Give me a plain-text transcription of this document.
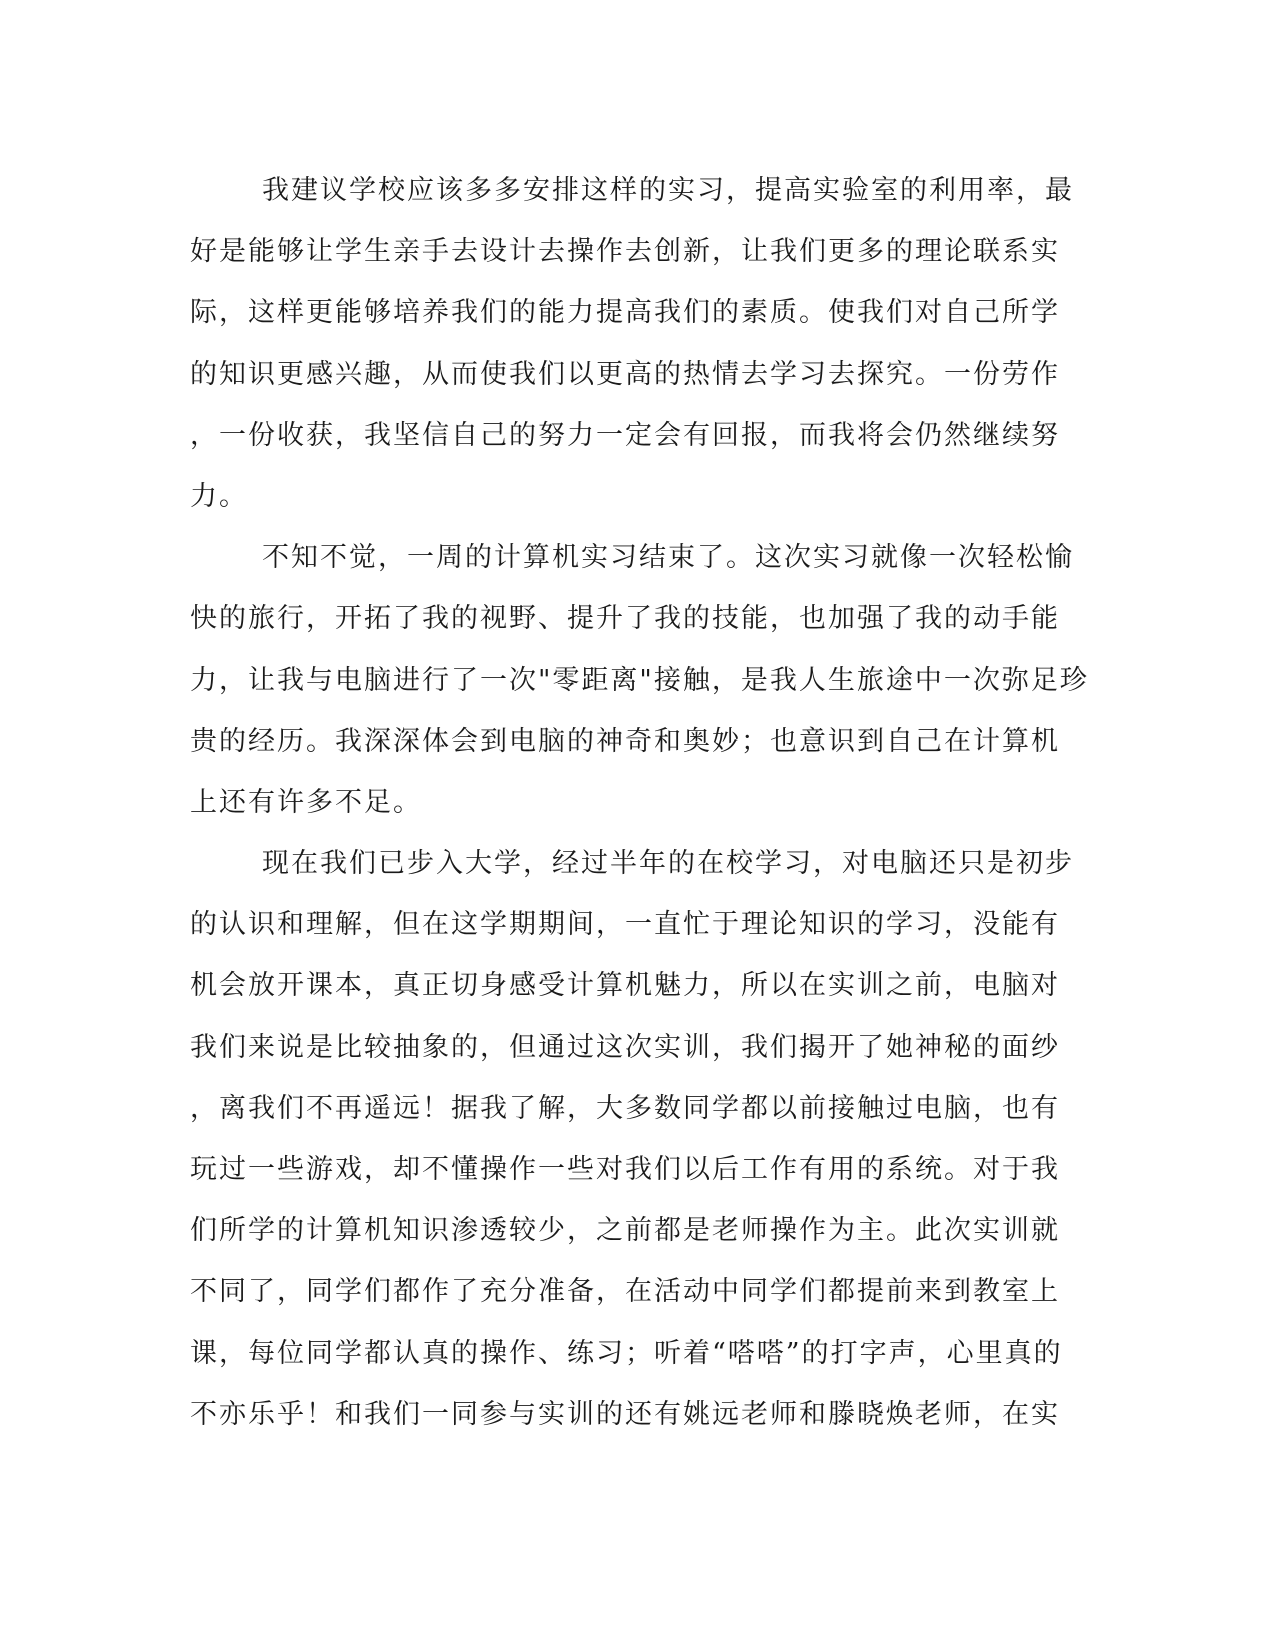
我建议学校应该多多安排这样的实习，提高实验室的利用率，最
好是能够让学生亲手去设计去操作去创新，让我们更多的理论联系实
际，这样更能够培养我们的能力提高我们的素质。使我们对自己所学
的知识更感兴趣，从而使我们以更高的热情去学习去探究。一份劳作
，一份收获，我坚信自己的努力一定会有回报，而我将会仍然继续努
力。
不知不觉，一周的计算机实习结束了。这次实习就像一次轻松愉
快的旅行，开拓了我的视野、提升了我的技能，也加强了我的动手能
力，让我与电脑进行了一次"零距离"接触，是我人生旅途中一次弥足珍
贵的经历。我深深体会到电脑的神奇和奥妙；也意识到自己在计算机
上还有许多不足。
现在我们已步入大学，经过半年的在校学习，对电脑还只是初步
的认识和理解，但在这学期期间，一直忙于理论知识的学习，没能有
机会放开课本，真正切身感受计算机魅力，所以在实训之前，电脑对
我们来说是比较抽象的，但通过这次实训，我们揭开了她神秘的面纱
，离我们不再遥远！据我了解，大多数同学都以前接触过电脑，也有
玩过一些游戏，却不懂操作一些对我们以后工作有用的系统。对于我
们所学的计算机知识渗透较少，之前都是老师操作为主。此次实训就
不同了，同学们都作了充分准备，在活动中同学们都提前来到教室上
课，每位同学都认真的操作、练习；听着“嗒嗒”的打字声，心里真的
不亦乐乎！和我们一同参与实训的还有姚远老师和滕晓焕老师，在实
